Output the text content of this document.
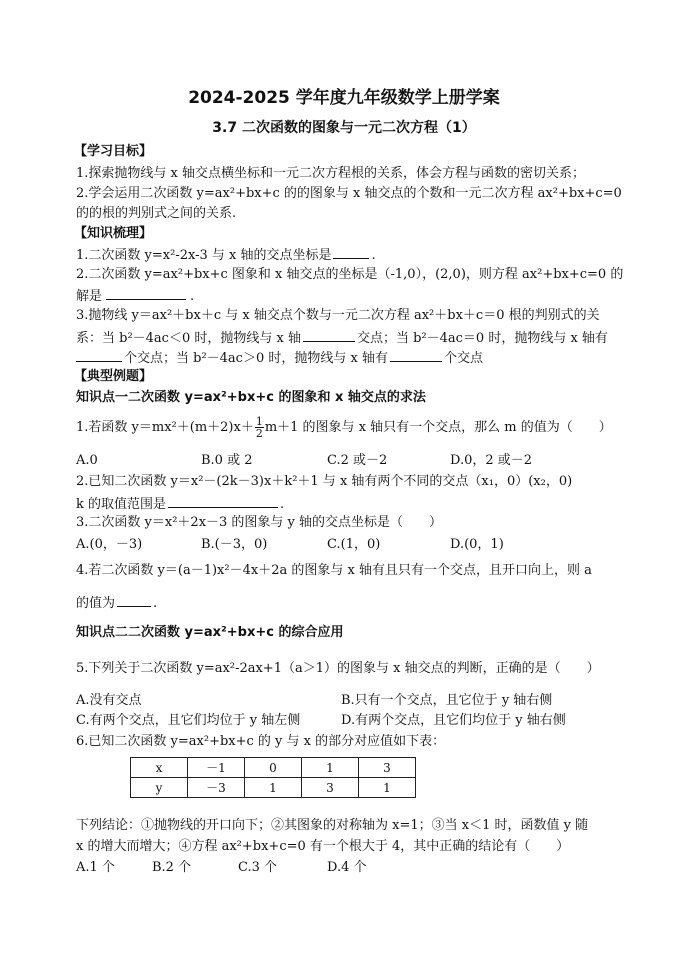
2024-2025 学年度九年级数学上册学案
3.7 二次函数的图象与一元二次方程（1）
【学习目标】
1.探索抛物线与 x 轴交点横坐标和一元二次方程根的关系，体会方程与函数的密切关系；
2.学会运用二次函数 y=ax²+bx+c 的的图象与 x 轴交点的个数和一元二次方程 ax²+bx+c=0
的的根的判别式之间的关系.
【知识梳理】
1.二次函数 y=x²-2x-3 与 x 轴的交点坐标是	.
2.二次函数 y=ax²+bx+c 图象和 x 轴交点的坐标是（-1,0），(2,0)，则方程 ax²+bx+c=0 的
解是	.
3.抛物线 y＝ax²＋bx＋c 与 x 轴交点个数与一元二次方程 ax²＋bx＋c＝0 根的判别式的关
系：当 b²－4ac＜0 时，抛物线与 x 轴	交点；当 b²－4ac＝0 时，抛物线与 x 轴有
个交点；当 b²－4ac＞0 时，抛物线与 x 轴有	个交点
【典型例题】
知识点一二次函数 y=ax²+bx+c 的图象和 x 轴交点的求法
1.若函数 $y=mx^2+(m+2)x+ \frac{1}{2} m+1$ 的图象与 x 轴只有一个交点，那么 m 的值为（　　）
A.0	B.0 或 2	C.2 或－2	D.0，2 或－2
2.已知二次函数 y＝x²－(2k－3)x＋k²＋1 与 x 轴有两个不同的交点（x₁，0）(x₂，0)
k 的取值范围是	.
3.二次函数 y＝x²＋2x－3 的图象与 y 轴的交点坐标是（　　）
A.(0，－3)	B.(－3，0)	C.(1，0)	D.(0，1)
4.若二次函数 y＝(a－1)x²－4x＋2a 的图象与 x 轴有且只有一个交点，且开口向上，则 a
的值为	.
知识点二二次函数 y=ax²+bx+c 的综合应用
5.下列关于二次函数 y=ax²-2ax+1（a＞1）的图象与 x 轴交点的判断，正确的是（　　）
A.没有交点	B.只有一个交点，且它位于 y 轴右侧
C.有两个交点，且它们均位于 y 轴左侧	D.有两个交点，且它们均位于 y 轴右侧
6.已知二次函数 y=ax²+bx+c 的 y 与 x 的部分对应值如下表：
x	－1	0	1	3
y	－3	1	3	1
下列结论：①抛物线的开口向下；②其图象的对称轴为 x=1；③当 x＜1 时，函数值 y 随
x 的增大而增大；④方程 ax²+bx+c=0 有一个根大于 4，其中正确的结论有（　　）
A.1 个	B.2 个	C.3 个	D.4 个
